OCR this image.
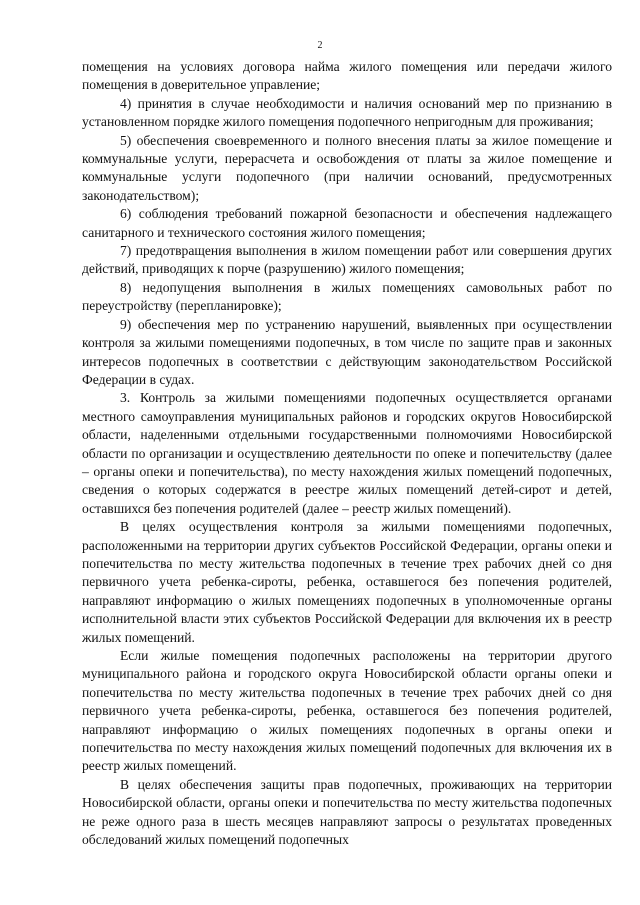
2

помещения на условиях договора найма жилого помещения или передачи жилого помещения в доверительное управление;

4) принятия в случае необходимости и наличия оснований мер по признанию в установленном порядке жилого помещения подопечного непригодным для проживания;

5) обеспечения своевременного и полного внесения платы за жилое помещение и коммунальные услуги, перерасчета и освобождения от платы за жилое помещение и коммунальные услуги подопечного (при наличии оснований, предусмотренных законодательством);

6) соблюдения требований пожарной безопасности и обеспечения надлежащего санитарного и технического состояния жилого помещения;

7) предотвращения выполнения в жилом помещении работ или совершения других действий, приводящих к порче (разрушению) жилого помещения;

8) недопущения выполнения в жилых помещениях самовольных работ по переустройству (перепланировке);

9) обеспечения мер по устранению нарушений, выявленных при осуществлении контроля за жилыми помещениями подопечных, в том числе по защите прав и законных интересов подопечных в соответствии с действующим законодательством Российской Федерации в судах.

3. Контроль за жилыми помещениями подопечных осуществляется органами местного самоуправления муниципальных районов и городских округов Новосибирской области, наделенными отдельными государственными полномочиями Новосибирской области по организации и осуществлению деятельности по опеке и попечительству (далее – органы опеки и попечительства), по месту нахождения жилых помещений подопечных, сведения о которых содержатся в реестре жилых помещений детей-сирот и детей, оставшихся без попечения родителей (далее – реестр жилых помещений).

В целях осуществления контроля за жилыми помещениями подопечных, расположенными на территории других субъектов Российской Федерации, органы опеки и попечительства по месту жительства подопечных в течение трех рабочих дней со дня первичного учета ребенка-сироты, ребенка, оставшегося без попечения родителей, направляют информацию о жилых помещениях подопечных в уполномоченные органы исполнительной власти этих субъектов Российской Федерации для включения их в реестр жилых помещений.

Если жилые помещения подопечных расположены на территории другого муниципального района и городского округа Новосибирской области органы опеки и попечительства по месту жительства подопечных в течение трех рабочих дней со дня первичного учета ребенка-сироты, ребенка, оставшегося без попечения родителей, направляют информацию о жилых помещениях подопечных в органы опеки и попечительства по месту нахождения жилых помещений подопечных для включения их в реестр жилых помещений.

В целях обеспечения защиты прав подопечных, проживающих на территории Новосибирской области, органы опеки и попечительства по месту жительства подопечных не реже одного раза в шесть месяцев направляют запросы о результатах проведенных обследований жилых помещений подопечных
